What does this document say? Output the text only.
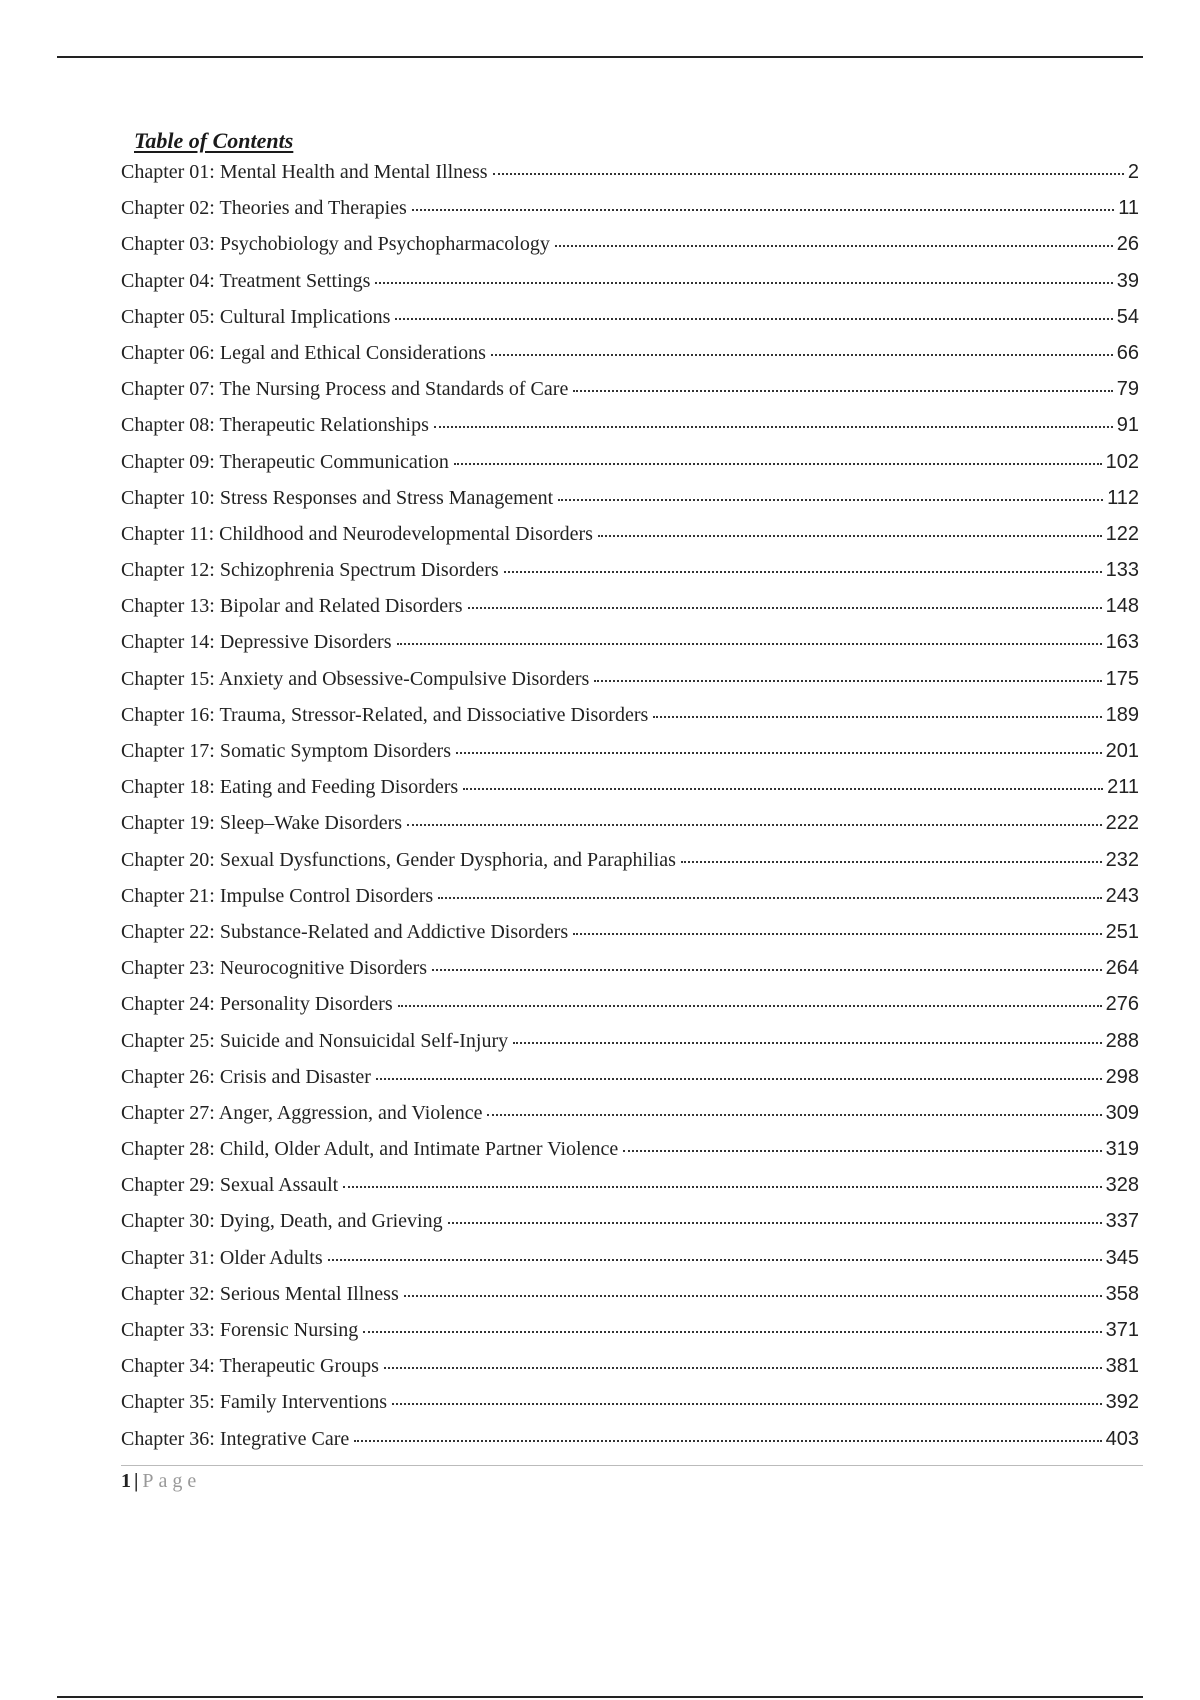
Table of Contents
Chapter 01: Mental Health and Mental Illness	2
Chapter 02: Theories and Therapies	11
Chapter 03: Psychobiology and Psychopharmacology	26
Chapter 04: Treatment Settings	39
Chapter 05: Cultural Implications	54
Chapter 06: Legal and Ethical Considerations	66
Chapter 07: The Nursing Process and Standards of Care	79
Chapter 08: Therapeutic Relationships	91
Chapter 09: Therapeutic Communication	102
Chapter 10: Stress Responses and Stress Management	112
Chapter 11: Childhood and Neurodevelopmental Disorders	122
Chapter 12: Schizophrenia Spectrum Disorders	133
Chapter 13: Bipolar and Related Disorders	148
Chapter 14: Depressive Disorders	163
Chapter 15: Anxiety and Obsessive-Compulsive Disorders	175
Chapter 16: Trauma, Stressor-Related, and Dissociative Disorders	189
Chapter 17: Somatic Symptom Disorders	201
Chapter 18: Eating and Feeding Disorders	211
Chapter 19: Sleep–Wake Disorders	222
Chapter 20: Sexual Dysfunctions, Gender Dysphoria, and Paraphilias	232
Chapter 21: Impulse Control Disorders	243
Chapter 22: Substance-Related and Addictive Disorders	251
Chapter 23: Neurocognitive Disorders	264
Chapter 24: Personality Disorders	276
Chapter 25: Suicide and Nonsuicidal Self-Injury	288
Chapter 26: Crisis and Disaster	298
Chapter 27: Anger, Aggression, and Violence	309
Chapter 28: Child, Older Adult, and Intimate Partner Violence	319
Chapter 29: Sexual Assault	328
Chapter 30: Dying, Death, and Grieving	337
Chapter 31: Older Adults	345
Chapter 32: Serious Mental Illness	358
Chapter 33: Forensic Nursing	371
Chapter 34: Therapeutic Groups	381
Chapter 35: Family Interventions	392
Chapter 36: Integrative Care	403
1 | Page
